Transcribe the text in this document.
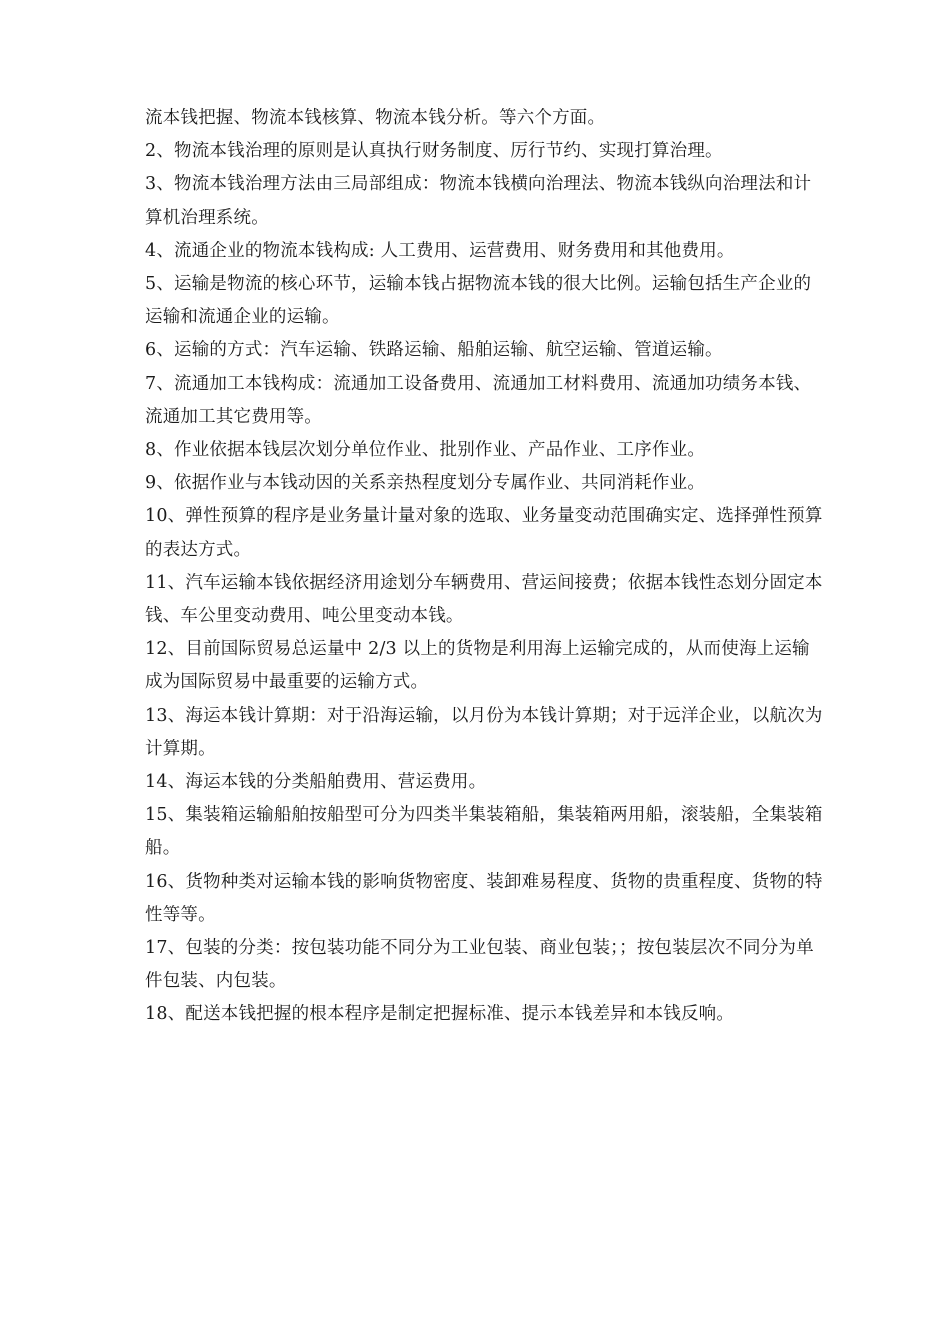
流本钱把握、物流本钱核算、物流本钱分析。等六个方面。

2、物流本钱治理的原则是认真执行财务制度、厉行节约、实现打算治理。

3、物流本钱治理方法由三局部组成：物流本钱横向治理法、物流本钱纵向治理法和计算机治理系统。

4、流通企业的物流本钱构成: 人工费用、运营费用、财务费用和其他费用。

5、运输是物流的核心环节，运输本钱占据物流本钱的很大比例。运输包括生产企业的运输和流通企业的运输。

6、运输的方式：汽车运输、铁路运输、船舶运输、航空运输、管道运输。

7、流通加工本钱构成：流通加工设备费用、流通加工材料费用、流通加功绩务本钱、流通加工其它费用等。

8、作业依据本钱层次划分单位作业、批别作业、产品作业、工序作业。

9、依据作业与本钱动因的关系亲热程度划分专属作业、共同消耗作业。

10、弹性预算的程序是业务量计量对象的选取、业务量变动范围确实定、选择弹性预算的表达方式。

11、汽车运输本钱依据经济用途划分车辆费用、营运间接费；依据本钱性态划分固定本钱、车公里变动费用、吨公里变动本钱。

12、目前国际贸易总运量中 2/3 以上的货物是利用海上运输完成的，从而使海上运输成为国际贸易中最重要的运输方式。

13、海运本钱计算期：对于沿海运输，以月份为本钱计算期；对于远洋企业，以航次为计算期。

14、海运本钱的分类船舶费用、营运费用。

15、集装箱运输船舶按船型可分为四类半集装箱船，集装箱两用船，滚装船，全集装箱船。

16、货物种类对运输本钱的影响货物密度、装卸难易程度、货物的贵重程度、货物的特性等等。

17、包装的分类：按包装功能不同分为工业包装、商业包装；；按包装层次不同分为单件包装、内包装。

18、配送本钱把握的根本程序是制定把握标准、提示本钱差异和本钱反响。
